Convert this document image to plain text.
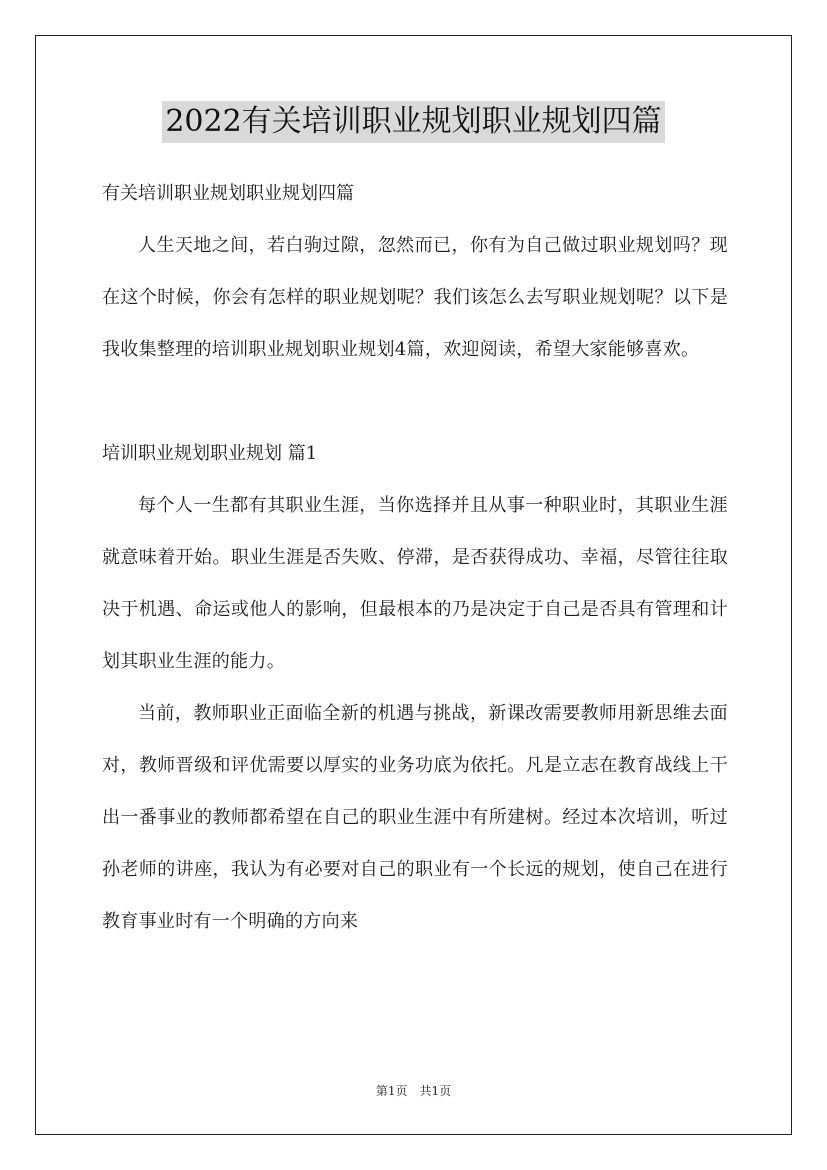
2022有关培训职业规划职业规划四篇

有关培训职业规划职业规划四篇

人生天地之间，若白驹过隙，忽然而已，你有为自己做过职业规划吗？现在这个时候，你会有怎样的职业规划呢？我们该怎么去写职业规划呢？以下是我收集整理的培训职业规划职业规划4篇，欢迎阅读，希望大家能够喜欢。

培训职业规划职业规划 篇1

每个人一生都有其职业生涯，当你选择并且从事一种职业时，其职业生涯就意味着开始。职业生涯是否失败、停滞，是否获得成功、幸福，尽管往往取决于机遇、命运或他人的影响，但最根本的乃是决定于自己是否具有管理和计划其职业生涯的能力。

当前，教师职业正面临全新的机遇与挑战，新课改需要教师用新思维去面对，教师晋级和评优需要以厚实的业务功底为依托。凡是立志在教育战线上干出一番事业的教师都希望在自己的职业生涯中有所建树。经过本次培训，听过孙老师的讲座，我认为有必要对自己的职业有一个长远的规划，使自己在进行教育事业时有一个明确的方向来

第1页　共1页
